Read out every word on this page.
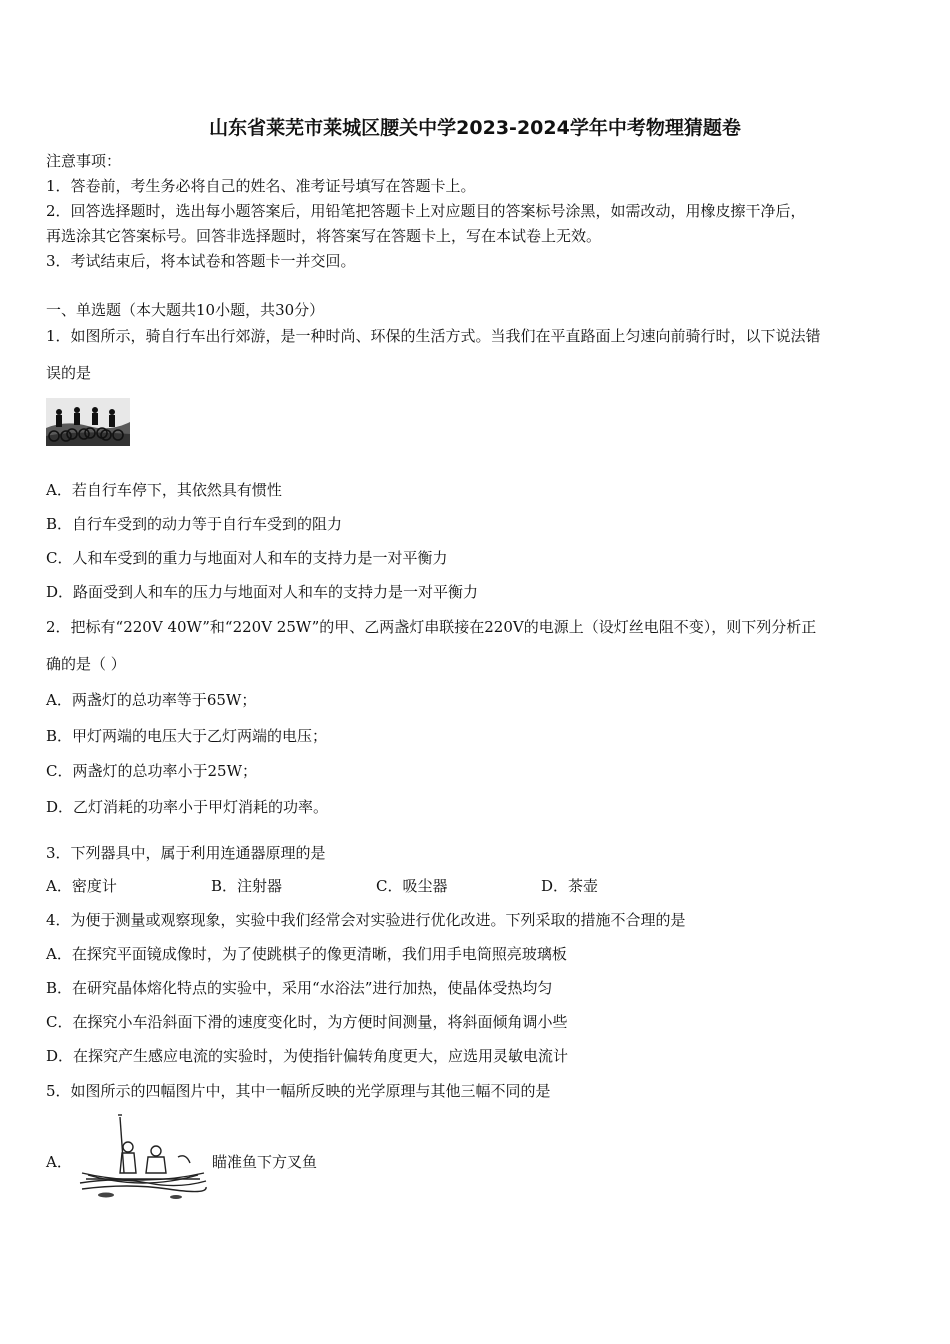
山东省莱芜市莱城区腰关中学2023-2024学年中考物理猜题卷
注意事项：
1．答卷前，考生务必将自己的姓名、准考证号填写在答题卡上。
2．回答选择题时，选出每小题答案后，用铅笔把答题卡上对应题目的答案标号涂黑，如需改动，用橡皮擦干净后，
再选涂其它答案标号。回答非选择题时，将答案写在答题卡上，写在本试卷上无效。
3．考试结束后，将本试卷和答题卡一并交回。
一、单选题（本大题共10小题，共30分）
1．如图所示，骑自行车出行郊游，是一种时尚、环保的生活方式。当我们在平直路面上匀速向前骑行时，以下说法错
误的是
A．若自行车停下，其依然具有惯性
B．自行车受到的动力等于自行车受到的阻力
C．人和车受到的重力与地面对人和车的支持力是一对平衡力
D．路面受到人和车的压力与地面对人和车的支持力是一对平衡力
2．把标有“220V 40W”和“220V 25W”的甲、乙两盏灯串联接在220V的电源上（设灯丝电阻不变），则下列分析正
确的是（ ）
A．两盏灯的总功率等于65W；
B．甲灯两端的电压大于乙灯两端的电压；
C．两盏灯的总功率小于25W；
D．乙灯消耗的功率小于甲灯消耗的功率。
3．下列器具中，属于利用连通器原理的是
A．密度计	B．注射器	C．吸尘器	D．茶壶
4．为便于测量或观察现象，实验中我们经常会对实验进行优化改进。下列采取的措施不合理的是
A．在探究平面镜成像时，为了使跳棋子的像更清晰，我们用手电筒照亮玻璃板
B．在研究晶体熔化特点的实验中，采用“水浴法”进行加热，使晶体受热均匀
C．在探究小车沿斜面下滑的速度变化时，为方便时间测量，将斜面倾角调小些
D．在探究产生感应电流的实验时，为使指针偏转角度更大，应选用灵敏电流计
5．如图所示的四幅图片中，其中一幅所反映的光学原理与其他三幅不同的是
A．	瞄准鱼下方叉鱼
